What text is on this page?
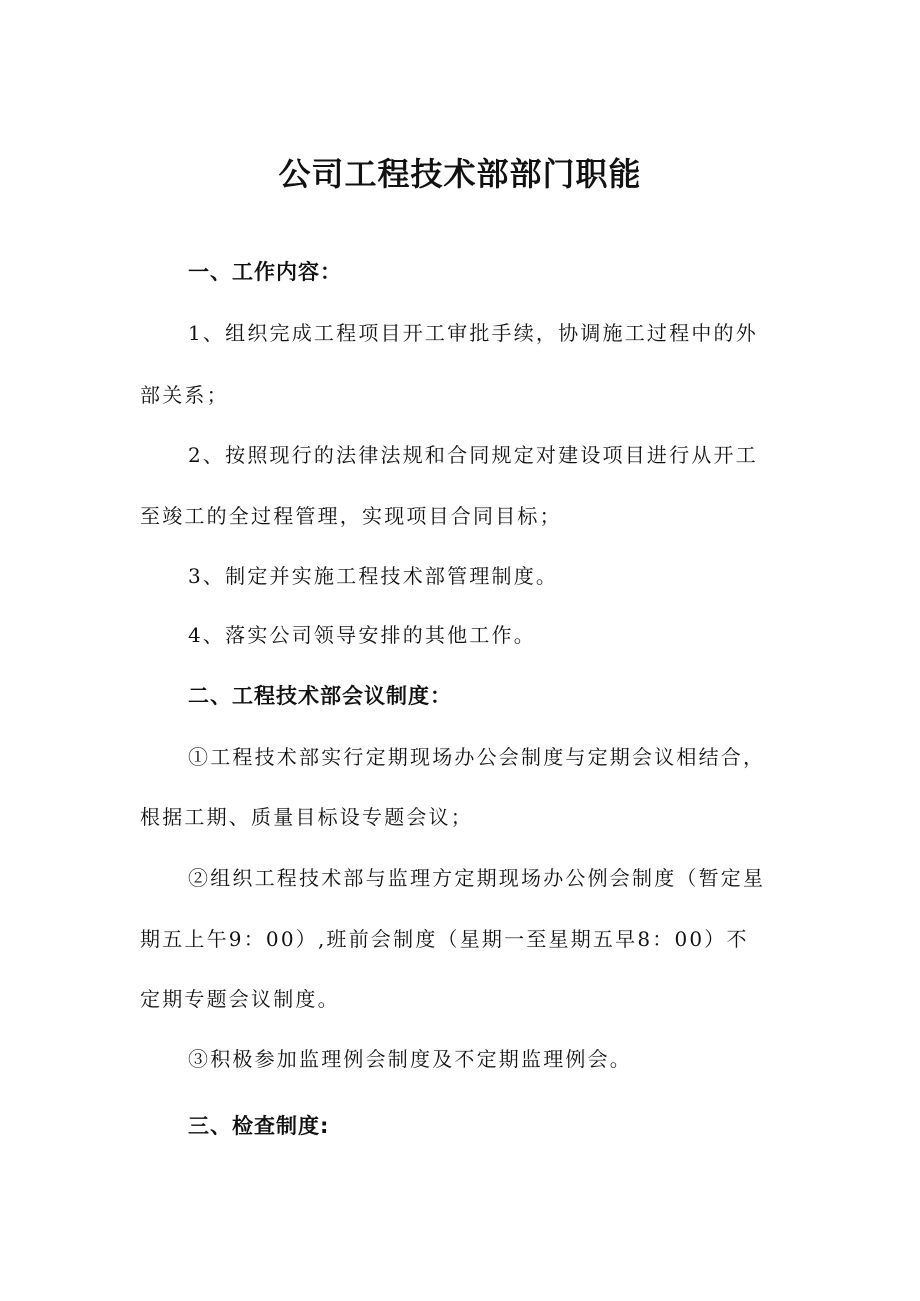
公司工程技术部部门职能
一、工作内容：
1、组织完成工程项目开工审批手续，协调施工过程中的外
部关系；
2、按照现行的法律法规和合同规定对建设项目进行从开工
至竣工的全过程管理，实现项目合同目标；
3、制定并实施工程技术部管理制度。
4、落实公司领导安排的其他工作。
二、工程技术部会议制度：
①工程技术部实行定期现场办公会制度与定期会议相结合，
根据工期、质量目标设专题会议；
②组织工程技术部与监理方定期现场办公例会制度（暂定星
期五上午9：00）,班前会制度（星期一至星期五早8：00）不
定期专题会议制度。
③积极参加监理例会制度及不定期监理例会。
三、检查制度:
